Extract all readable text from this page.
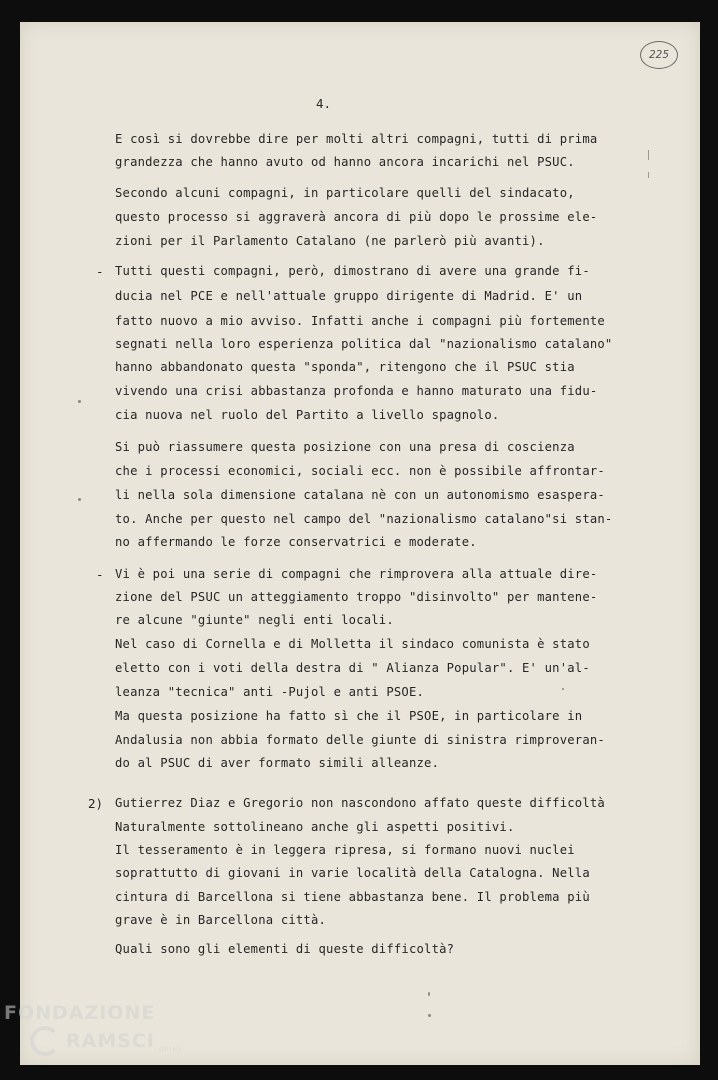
225
4.
E così si dovrebbe dire per molti altri compagni, tutti di prima
grandezza che hanno avuto od hanno ancora incarichi nel PSUC.
Secondo alcuni compagni, in particolare quelli del sindacato,
questo processo si aggraverà ancora di più dopo le prossime ele-
zioni per il Parlamento Catalano (ne parlerò più avanti).
- Tutti questi compagni, però, dimostrano di avere una grande fi-
ducia nel PCE e nell'attuale gruppo dirigente di Madrid. E' un
fatto nuovo a mio avviso. Infatti anche i compagni più fortemente
segnati nella loro esperienza politica dal "nazionalismo catalano"
hanno abbandonato questa "sponda", ritengono che il PSUC stia
vivendo una crisi abbastanza profonda e hanno maturato una fidu-
cia nuova nel ruolo del Partito a livello spagnolo.
Si può riassumere questa posizione con una presa di coscienza
che i processi economici, sociali ecc. non è possibile affrontar-
li nella sola dimensione catalana nè con un autonomismo esaspera-
to. Anche per questo nel campo del "nazionalismo catalano"si stan-
no affermando le forze conservatrici e moderate.
- Vi è poi una serie di compagni che rimprovera alla attuale dire-
zione del PSUC un atteggiamento troppo "disinvolto" per mantene-
re alcune "giunte" negli enti locali.
Nel caso di Cornella e di Molletta il sindaco comunista è stato
eletto con i voti della destra di " Alianza Popular". E' un'al-
leanza "tecnica" anti -Pujol e anti PSOE.
Ma questa posizione ha fatto sì che il PSOE, in particolare in
Andalusia non abbia formato delle giunte di sinistra rimproveran-
do al PSUC di aver formato simili alleanze.
2) Gutierrez Diaz e Gregorio non nascondono affato queste difficoltà
Naturalmente sottolineano anche gli aspetti positivi.
Il tesseramento è in leggera ripresa, si formano nuovi nuclei
soprattutto di giovani in varie località della Catalogna. Nella
cintura di Barcellona si tiene abbastanza bene. Il problema più
grave è in Barcellona città.
Quali sono gli elementi di queste difficoltà?
FONDAZIONE
RAMSCI onlus
